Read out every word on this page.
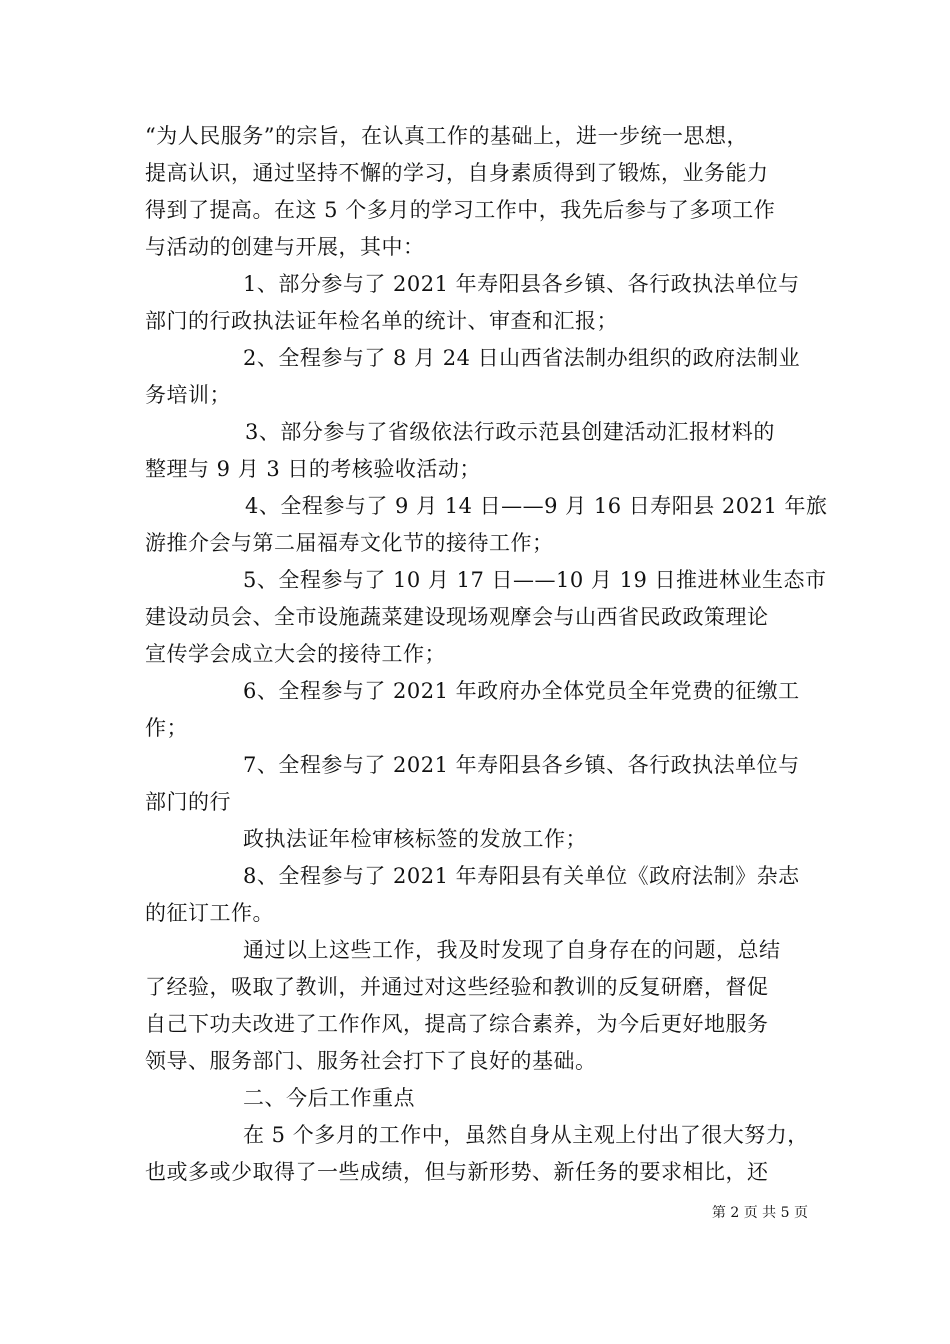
“为人民服务”的宗旨，在认真工作的基础上，进一步统一思想，
提高认识，通过坚持不懈的学习，自身素质得到了锻炼，业务能力
得到了提高。在这 5 个多月的学习工作中，我先后参与了多项工作
与活动的创建与开展，其中：
1、部分参与了 2021 年寿阳县各乡镇、各行政执法单位与
部门的行政执法证年检名单的统计、审查和汇报；
2、全程参与了 8 月 24 日山西省法制办组织的政府法制业
务培训；
3、部分参与了省级依法行政示范县创建活动汇报材料的
整理与 9 月 3 日的考核验收活动；
4、全程参与了 9 月 14 日——9 月 16 日寿阳县 2021 年旅
游推介会与第二届福寿文化节的接待工作；
5、全程参与了 10 月 17 日——10 月 19 日推进林业生态市
建设动员会、全市设施蔬菜建设现场观摩会与山西省民政政策理论
宣传学会成立大会的接待工作；
6、全程参与了 2021 年政府办全体党员全年党费的征缴工
作；
7、全程参与了 2021 年寿阳县各乡镇、各行政执法单位与
部门的行
政执法证年检审核标签的发放工作；
8、全程参与了 2021 年寿阳县有关单位《政府法制》杂志
的征订工作。
通过以上这些工作，我及时发现了自身存在的问题，总结
了经验，吸取了教训，并通过对这些经验和教训的反复研磨，督促
自己下功夫改进了工作作风，提高了综合素养，为今后更好地服务
领导、服务部门、服务社会打下了良好的基础。
二、今后工作重点
在 5 个多月的工作中，虽然自身从主观上付出了很大努力，
也或多或少取得了一些成绩，但与新形势、新任务的要求相比，还
第 2 页 共 5 页
